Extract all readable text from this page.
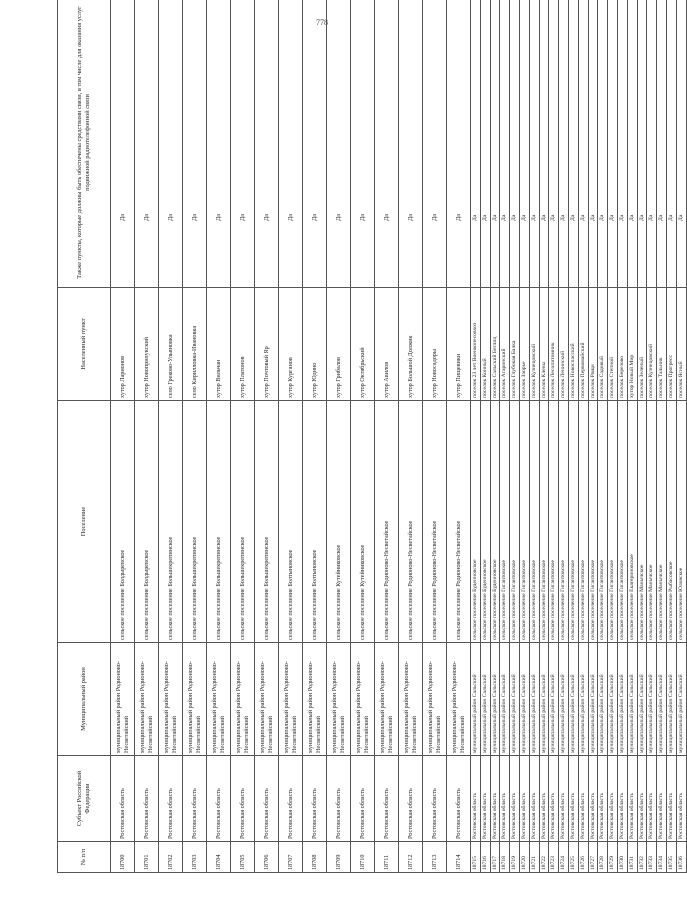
778
№ п/п	Субъект Российской Федерации	Муниципальный район	Поселение	Населенный пункт	Также пункты, которые должны быть обеспечены средствами связи, в том числе для оказания услуг подвижной радиотелефонной связи
18700	Ростовская область	муниципальный район Родионово-Несветайский	сельское поселение Болдыревское	хутор Ларионов	Да
18701	Ростовская область	муниципальный район Родионово-Несветайский	сельское поселение Болдыревское	хутор Новоприлукский	Да
18702	Ростовская область	муниципальный район Родионово-Несветайский	сельское поселение Большекрепинское	село Греково-Ульяновка	Да
18703	Ростовская область	муниципальный район Родионово-Несветайский	сельское поселение Большекрепинское	село Кирилловка-Ивановка	Да
18704	Ростовская область	муниципальный район Родионово-Несветайский	сельское поселение Большекрепинское	хутор Вильчан	Да
18705	Ростовская область	муниципальный район Родионово-Несветайский	сельское поселение Большекрепинское	хутор Платонов	Да
18706	Ростовская область	муниципальный район Родионово-Несветайский	сельское поселение Большекрепинское	хутор Почтовый Яр	Да
18707	Ростовская область	муниципальный район Родионово-Несветайский	сельское поселение Болтыновское	хутор Курганов	Да
18708	Ростовская область	муниципальный район Родионово-Несветайский	сельское поселение Болтыновское	хутор Юдино	Да
18709	Ростовская область	муниципальный район Родионово-Несветайский	сельское поселение Кутейниковское	хутор Грибалов	Да
18710	Ростовская область	муниципальный район Родионово-Несветайский	сельское поселение Кутейниковское	хутор Октябрьский	Да
18711	Ростовская область	муниципальный район Родионово-Несветайский	сельское поселение Родионово-Несветайское	хутор Авилов	Да
18712	Ростовская область	муниципальный район Родионово-Несветайский	сельское поселение Родионово-Несветайское	хутор Большой Должик	Да
18713	Ростовская область	муниципальный район Родионово-Несветайский	сельское поселение Родионово-Несветайское	хутор Новосадоры	Да
18714	Ростовская область	муниципальный район Родионово-Несветайский	сельское поселение Родионово-Несветайское	хутор Пищевики	Да
18715	Ростовская область	муниципальный район Сальский	сельское поселение Буденновское	поселок 23 лет Военконесовхоз	Да
18716	Ростовская область	муниципальный район Сальский	сельское поселение Буденновское	поселок Конный	Да
18717	Ростовская область	муниципальный район Сальский	сельское поселение Буденновское	поселок Сальский Беглиц	Да
18718	Ростовская область	муниципальный район Сальский	сельское поселение Гигантовское	поселок Агаринский	Да
18719	Ростовская область	муниципальный район Сальский	сельское поселение Гигантовское	поселок Глубокая Балка	Да
18720	Ростовская область	муниципальный район Сальский	сельское поселение Гигантовское	поселок Заорье	Да
18721	Ростовская область	муниципальный район Сальский	сельское поселение Гигантовское	поселок Кузнецовский	Да
18722	Ростовская область	муниципальный район Сальский	сельское поселение Гигантовское	поселок Клены	Да
18723	Ростовская область	муниципальный район Сальский	сельское поселение Гигантовское	поселок Лесопитомник	Да
18724	Ростовская область	муниципальный район Сальский	сельское поселение Гигантовское	поселок Ленинский	Да
18725	Ростовская область	муниципальный район Сальский	сельское поселение Гигантовское	поселок Новоспасский	Да
18726	Ростовская область	муниципальный район Сальский	сельское поселение Гигантовское	поселок Первомайский	Да
18727	Ростовская область	муниципальный район Сальский	сельское поселение Гигантовское	поселок Рощи	Да
18728	Ростовская область	муниципальный район Сальский	сельское поселение Гигантовское	поселок Садовый	Да
18729	Ростовская область	муниципальный район Сальский	сельское поселение Гигантовское	поселок Степной	Да
18730	Ростовская область	муниципальный район Сальский	сельское поселение Гигантовское	поселок Березово	Да
18731	Ростовская область	муниципальный район Сальский	сельское поселение Екатериновское	хутор Новый Мир	Да
18732	Ростовская область	муниципальный район Сальский	сельское поселение Манычское	поселок Зеленый	Да
18733	Ростовская область	муниципальный район Сальский	сельское поселение Манычское	поселок Кузнецовский	Да
18734	Ростовская область	муниципальный район Сальский	сельское поселение Манычское	поселок Тальник	Да
18735	Ростовская область	муниципальный район Сальский	сельское поселение Рыбасовское	поселок Прогресс	Да
18736	Ростовская область	муниципальный район Сальский	сельское поселение Юловское	поселок Ясный	Да
